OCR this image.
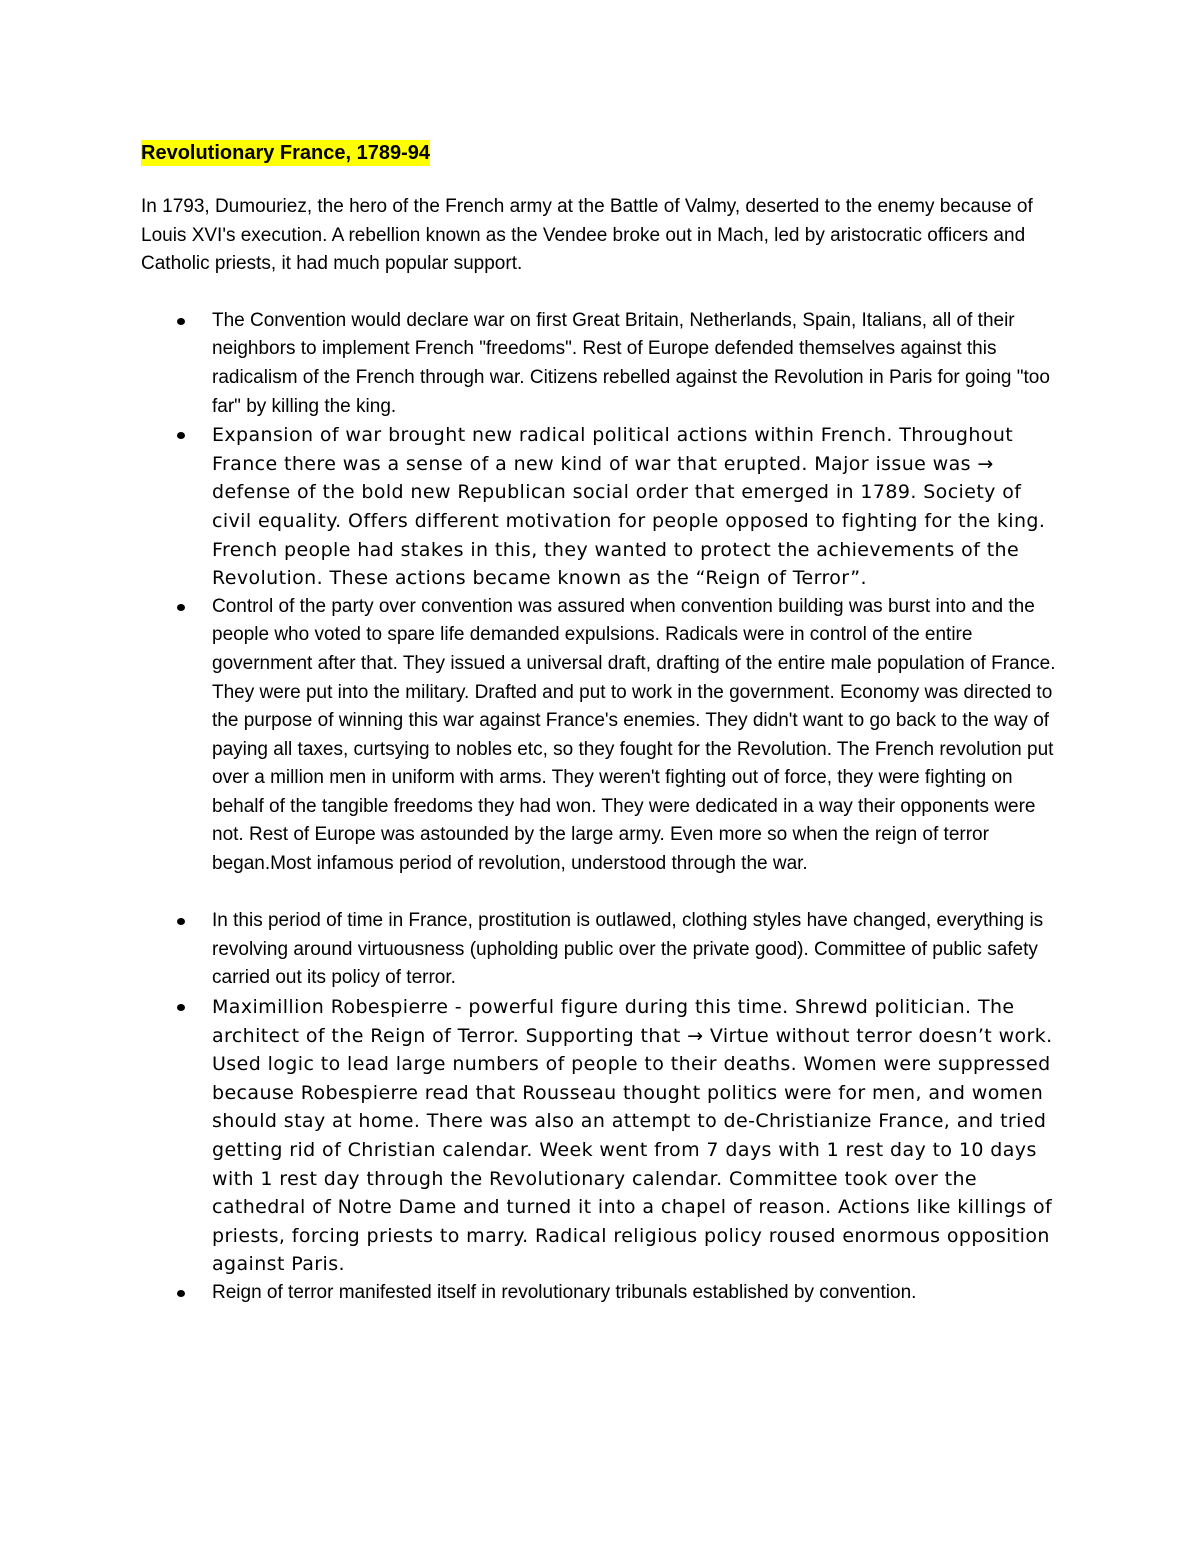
Revolutionary France, 1789-94

In 1793, Dumouriez, the hero of the French army at the Battle of Valmy, deserted to the enemy because of Louis XVI's execution. A rebellion known as the Vendee broke out in Mach, led by aristocratic officers and Catholic priests, it had much popular support.

The Convention would declare war on first Great Britain, Netherlands, Spain, Italians, all of their neighbors to implement French "freedoms". Rest of Europe defended themselves against this radicalism of the French through war. Citizens rebelled against the Revolution in Paris for going "too far" by killing the king.
Expansion of war brought new radical political actions within French. Throughout France there was a sense of a new kind of war that erupted. Major issue was → defense of the bold new Republican social order that emerged in 1789. Society of civil equality. Offers different motivation for people opposed to fighting for the king. French people had stakes in this, they wanted to protect the achievements of the Revolution. These actions became known as the “Reign of Terror”.
Control of the party over convention was assured when convention building was burst into and the people who voted to spare life demanded expulsions. Radicals were in control of the entire government after that. They issued a universal draft, drafting of the entire male population of France. They were put into the military. Drafted and put to work in the government. Economy was directed to the purpose of winning this war against France's enemies. They didn't want to go back to the way of paying all taxes, curtsying to nobles etc, so they fought for the Revolution. The French revolution put over a million men in uniform with arms. They weren't fighting out of force, they were fighting on behalf of the tangible freedoms they had won. They were dedicated in a way their opponents were not. Rest of Europe was astounded by the large army. Even more so when the reign of terror began.Most infamous period of revolution, understood through the war.
In this period of time in France, prostitution is outlawed, clothing styles have changed, everything is revolving around virtuousness (upholding public over the private good). Committee of public safety carried out its policy of terror.
Maximillion Robespierre - powerful figure during this time. Shrewd politician. The architect of the Reign of Terror. Supporting that → Virtue without terror doesn’t work. Used logic to lead large numbers of people to their deaths. Women were suppressed because Robespierre read that Rousseau thought politics were for men, and women should stay at home. There was also an attempt to de-Christianize France, and tried getting rid of Christian calendar. Week went from 7 days with 1 rest day to 10 days with 1 rest day through the Revolutionary calendar. Committee took over the cathedral of Notre Dame and turned it into a chapel of reason. Actions like killings of priests, forcing priests to marry. Radical religious policy roused enormous opposition against Paris.
Reign of terror manifested itself in revolutionary tribunals established by convention.
